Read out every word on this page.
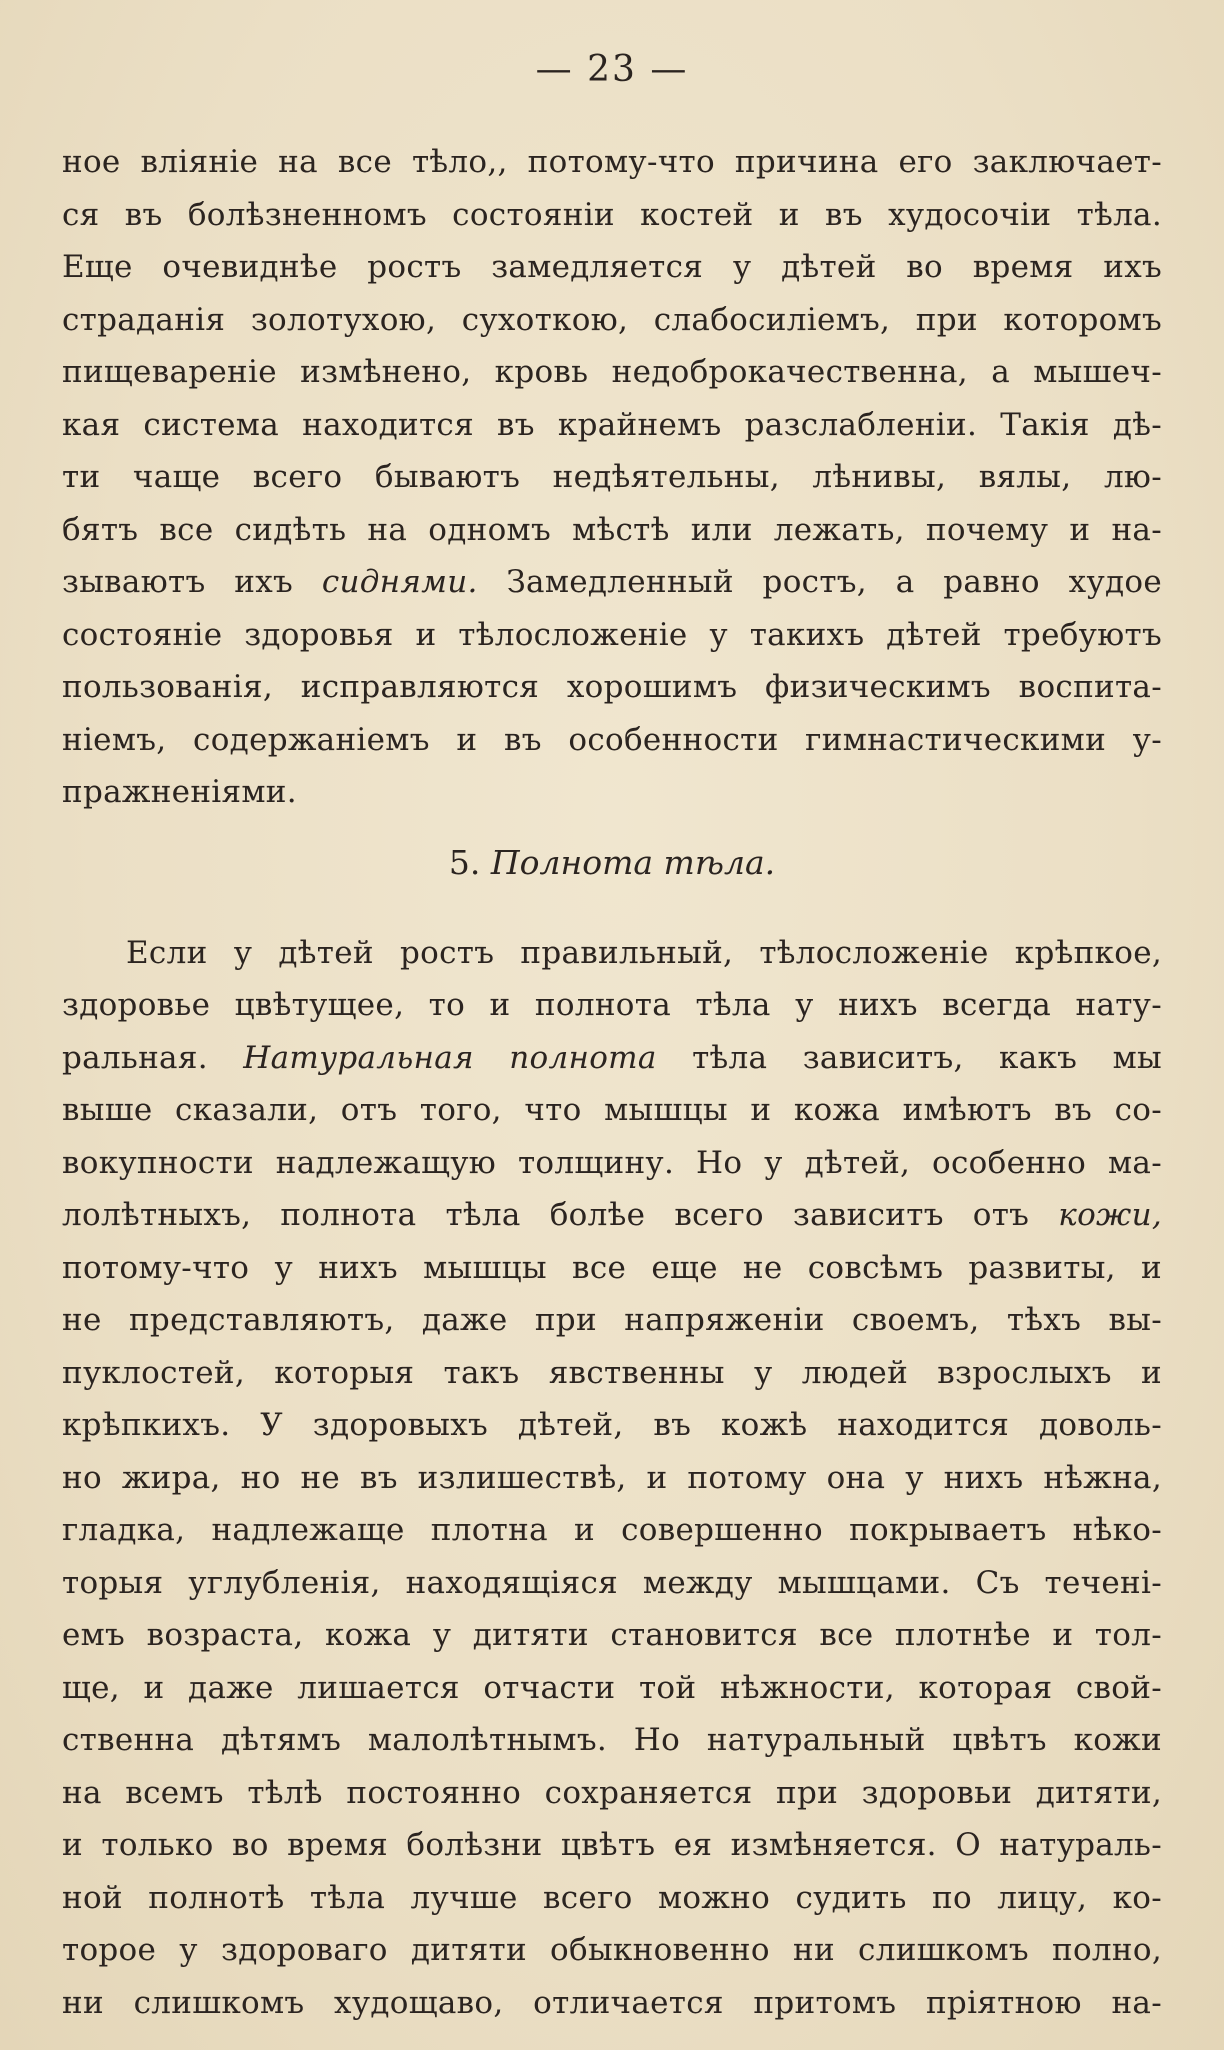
— 23 —
ное вліяніе на все тѣло,, потому-что причина его заключает-
ся въ болѣзненномъ состояніи костей и въ худосочіи тѣла.
Еще очевиднѣе ростъ замедляется у дѣтей во время ихъ
страданія золотухою, сухоткою, слабосиліемъ, при которомъ
пищевареніе измѣнено, кровь недоброкачественна, а мышеч-
кая система находится въ крайнемъ разслабленіи. Такія дѣ-
ти чаще всего бываютъ недѣятельны, лѣнивы, вялы, лю-
бятъ все сидѣть на одномъ мѣстѣ или лежать, почему и на-
зываютъ ихъ сиднями. Замедленный ростъ, а равно худое
состояніе здоровья и тѣлосложеніе у такихъ дѣтей требуютъ
пользованія, исправляются хорошимъ физическимъ воспита-
ніемъ, содержаніемъ и въ особенности гимнастическими у-
пражненіями.
5. Полнота тѣла.
Если у дѣтей ростъ правильный, тѣлосложеніе крѣпкое,
здоровье цвѣтущее, то и полнота тѣла у нихъ всегда нату-
ральная. Натуральная полнота тѣла зависитъ, какъ мы
выше сказали, отъ того, что мышцы и кожа имѣютъ въ со-
вокупности надлежащую толщину. Но у дѣтей, особенно ма-
лолѣтныхъ, полнота тѣла болѣе всего зависитъ отъ кожи,
потому-что у нихъ мышцы все еще не совсѣмъ развиты, и
не представляютъ, даже при напряженіи своемъ, тѣхъ вы-
пуклостей, которыя такъ явственны у людей взрослыхъ и
крѣпкихъ. У здоровыхъ дѣтей, въ кожѣ находится доволь-
но жира, но не въ излишествѣ, и потому она у нихъ нѣжна,
гладка, надлежаще плотна и совершенно покрываетъ нѣко-
торыя углубленія, находящіяся между мышцами. Съ теченi-
емъ возраста, кожа у дитяти становится все плотнѣе и тол-
ще, и даже лишается отчасти той нѣжности, которая свой-
ственна дѣтямъ малолѣтнымъ. Но натуральный цвѣтъ кожи
на всемъ тѣлѣ постоянно сохраняется при здоровьи дитяти,
и только во время болѣзни цвѣтъ ея измѣняется. О натураль-
ной полнотѣ тѣла лучше всего можно судить по лицу, ко-
торое у здороваго дитяти обыкновенно ни слишкомъ полно,
ни слишкомъ худощаво, отличается притомъ пріятною на-
